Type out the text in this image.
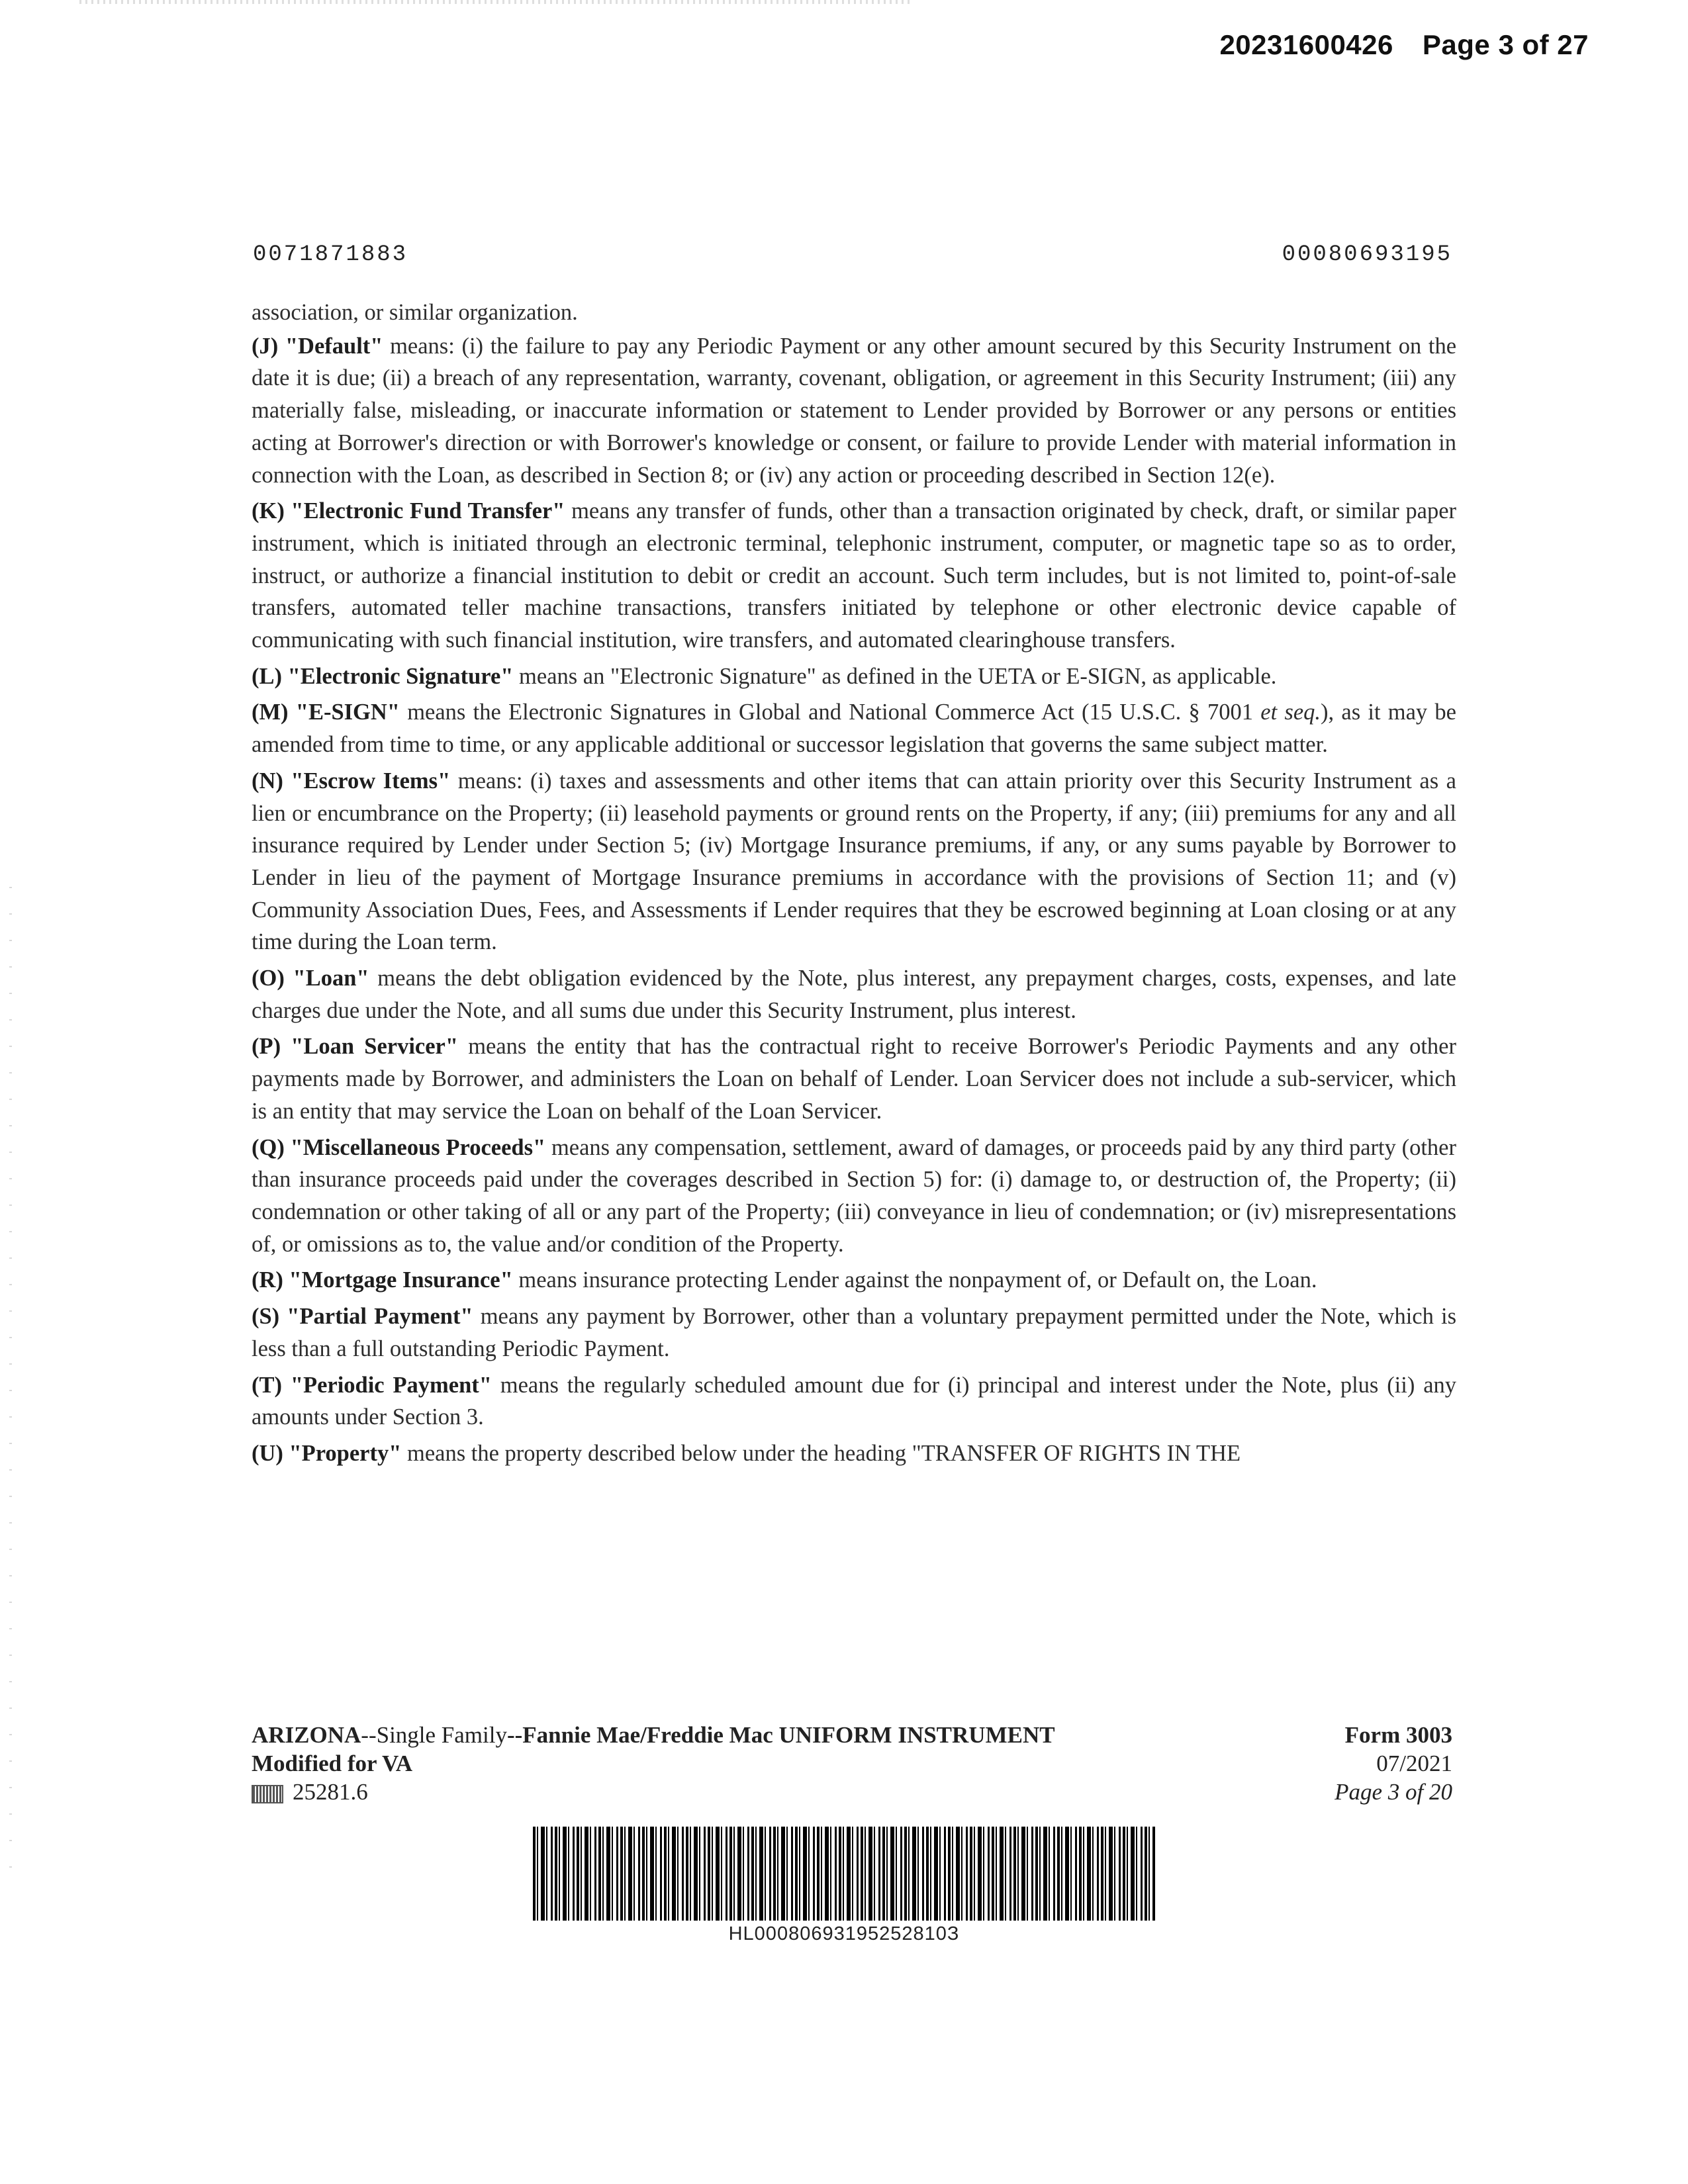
20231600426 Page 3 of 27
0071871883	00080693195

association, or similar organization.

(J) "Default" means: (i) the failure to pay any Periodic Payment or any other amount secured by this Security Instrument on the date it is due; (ii) a breach of any representation, warranty, covenant, obligation, or agreement in this Security Instrument; (iii) any materially false, misleading, or inaccurate information or statement to Lender provided by Borrower or any persons or entities acting at Borrower's direction or with Borrower's knowledge or consent, or failure to provide Lender with material information in connection with the Loan, as described in Section 8; or (iv) any action or proceeding described in Section 12(e).

(K) "Electronic Fund Transfer" means any transfer of funds, other than a transaction originated by check, draft, or similar paper instrument, which is initiated through an electronic terminal, telephonic instrument, computer, or magnetic tape so as to order, instruct, or authorize a financial institution to debit or credit an account. Such term includes, but is not limited to, point-of-sale transfers, automated teller machine transactions, transfers initiated by telephone or other electronic device capable of communicating with such financial institution, wire transfers, and automated clearinghouse transfers.

(L) "Electronic Signature" means an "Electronic Signature" as defined in the UETA or E-SIGN, as applicable.

(M) "E-SIGN" means the Electronic Signatures in Global and National Commerce Act (15 U.S.C. § 7001 et seq.), as it may be amended from time to time, or any applicable additional or successor legislation that governs the same subject matter.

(N) "Escrow Items" means: (i) taxes and assessments and other items that can attain priority over this Security Instrument as a lien or encumbrance on the Property; (ii) leasehold payments or ground rents on the Property, if any; (iii) premiums for any and all insurance required by Lender under Section 5; (iv) Mortgage Insurance premiums, if any, or any sums payable by Borrower to Lender in lieu of the payment of Mortgage Insurance premiums in accordance with the provisions of Section 11; and (v) Community Association Dues, Fees, and Assessments if Lender requires that they be escrowed beginning at Loan closing or at any time during the Loan term.

(O) "Loan" means the debt obligation evidenced by the Note, plus interest, any prepayment charges, costs, expenses, and late charges due under the Note, and all sums due under this Security Instrument, plus interest.

(P) "Loan Servicer" means the entity that has the contractual right to receive Borrower's Periodic Payments and any other payments made by Borrower, and administers the Loan on behalf of Lender. Loan Servicer does not include a sub-servicer, which is an entity that may service the Loan on behalf of the Loan Servicer.

(Q) "Miscellaneous Proceeds" means any compensation, settlement, award of damages, or proceeds paid by any third party (other than insurance proceeds paid under the coverages described in Section 5) for: (i) damage to, or destruction of, the Property; (ii) condemnation or other taking of all or any part of the Property; (iii) conveyance in lieu of condemnation; or (iv) misrepresentations of, or omissions as to, the value and/or condition of the Property.

(R) "Mortgage Insurance" means insurance protecting Lender against the nonpayment of, or Default on, the Loan.

(S) "Partial Payment" means any payment by Borrower, other than a voluntary prepayment permitted under the Note, which is less than a full outstanding Periodic Payment.

(T) "Periodic Payment" means the regularly scheduled amount due for (i) principal and interest under the Note, plus (ii) any amounts under Section 3.

(U) "Property" means the property described below under the heading "TRANSFER OF RIGHTS IN THE

ARIZONA--Single Family--Fannie Mae/Freddie Mac UNIFORM INSTRUMENT
Modified for VA
25281.6
Form 3003
07/2021
Page 3 of 20
HL00080693195252810З
